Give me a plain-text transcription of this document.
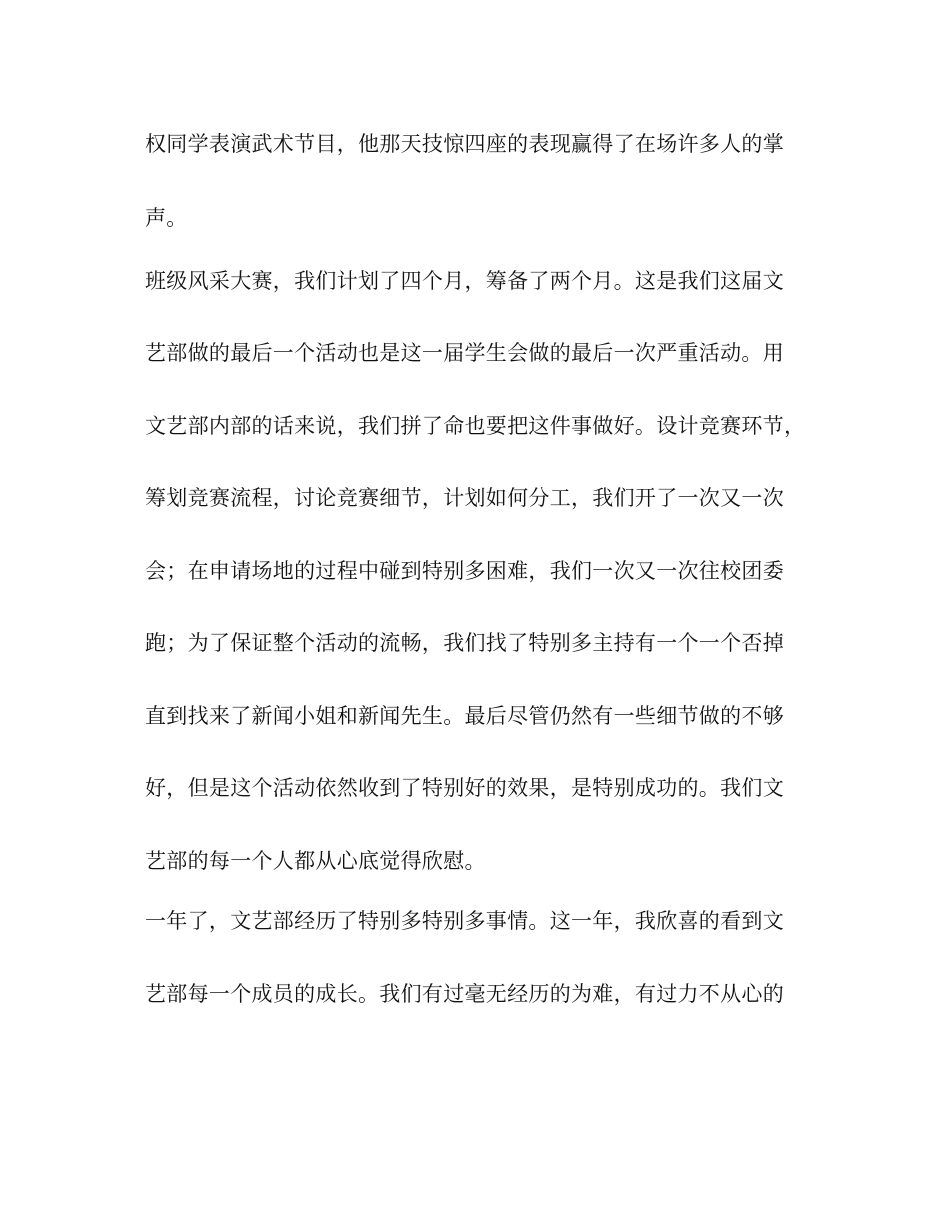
权同学表演武术节目，他那天技惊四座的表现赢得了在场许多人的掌
声。
班级风采大赛，我们计划了四个月，筹备了两个月。这是我们这届文
艺部做的最后一个活动也是这一届学生会做的最后一次严重活动。用
文艺部内部的话来说，我们拼了命也要把这件事做好。设计竞赛环节，
筹划竞赛流程，讨论竞赛细节，计划如何分工，我们开了一次又一次
会；在申请场地的过程中碰到特别多困难，我们一次又一次往校团委
跑；为了保证整个活动的流畅，我们找了特别多主持有一个一个否掉
直到找来了新闻小姐和新闻先生。最后尽管仍然有一些细节做的不够
好，但是这个活动依然收到了特别好的效果，是特别成功的。我们文
艺部的每一个人都从心底觉得欣慰。
一年了，文艺部经历了特别多特别多事情。这一年，我欣喜的看到文
艺部每一个成员的成长。我们有过毫无经历的为难，有过力不从心的
